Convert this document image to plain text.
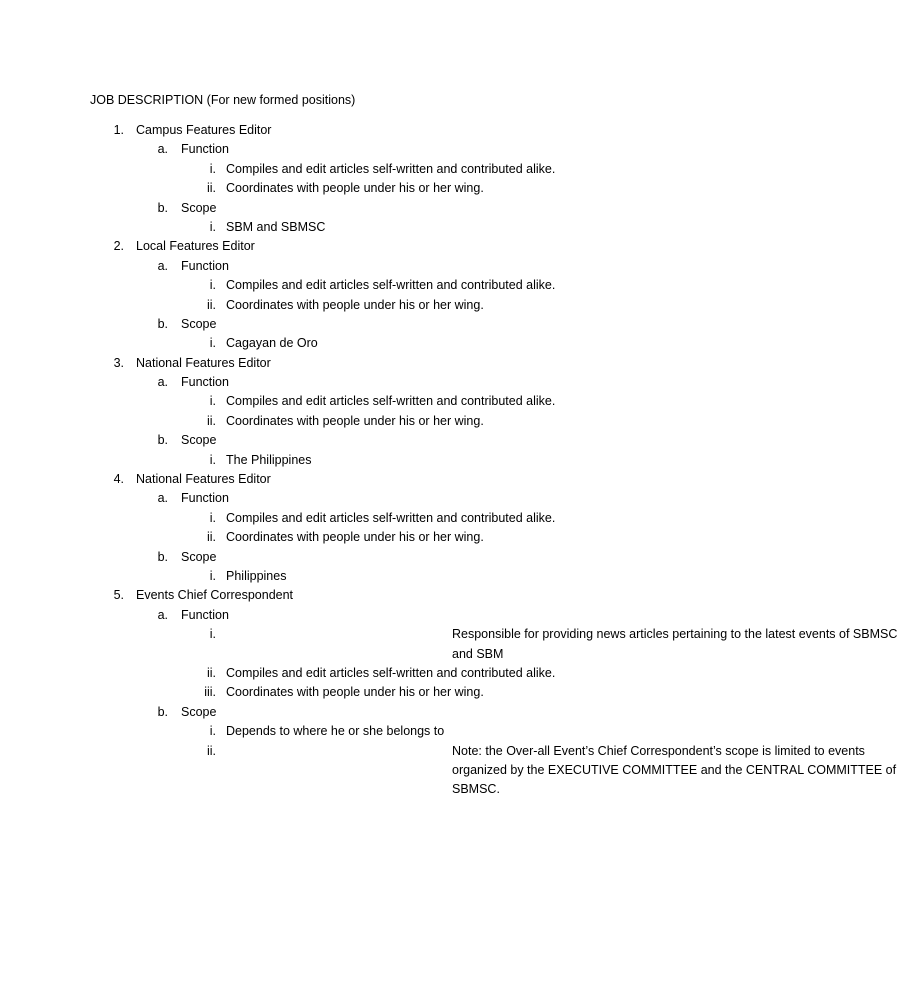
JOB DESCRIPTION (For new formed positions)
1. Campus Features Editor
a. Function
i. Compiles and edit articles self-written and contributed alike.
ii. Coordinates with people under his or her wing.
b. Scope
i. SBM and SBMSC
2. Local Features Editor
a. Function
i. Compiles and edit articles self-written and contributed alike.
ii. Coordinates with people under his or her wing.
b. Scope
i. Cagayan de Oro
3. National Features Editor
a. Function
i. Compiles and edit articles self-written and contributed alike.
ii. Coordinates with people under his or her wing.
b. Scope
i. The Philippines
4. National Features Editor
a. Function
i. Compiles and edit articles self-written and contributed alike.
ii. Coordinates with people under his or her wing.
b. Scope
i. Philippines
5. Events Chief Correspondent
a. Function
i.	Responsible for providing news articles pertaining to the latest events of SBMSC and SBM
ii. Compiles and edit articles self-written and contributed alike.
iii. Coordinates with people under his or her wing.
b. Scope
i. Depends to where he or she belongs to
ii.	Note: the Over-all Event’s Chief Correspondent’s scope is limited to events organized by the EXECUTIVE COMMITTEE and the CENTRAL COMMITTEE of SBMSC.
